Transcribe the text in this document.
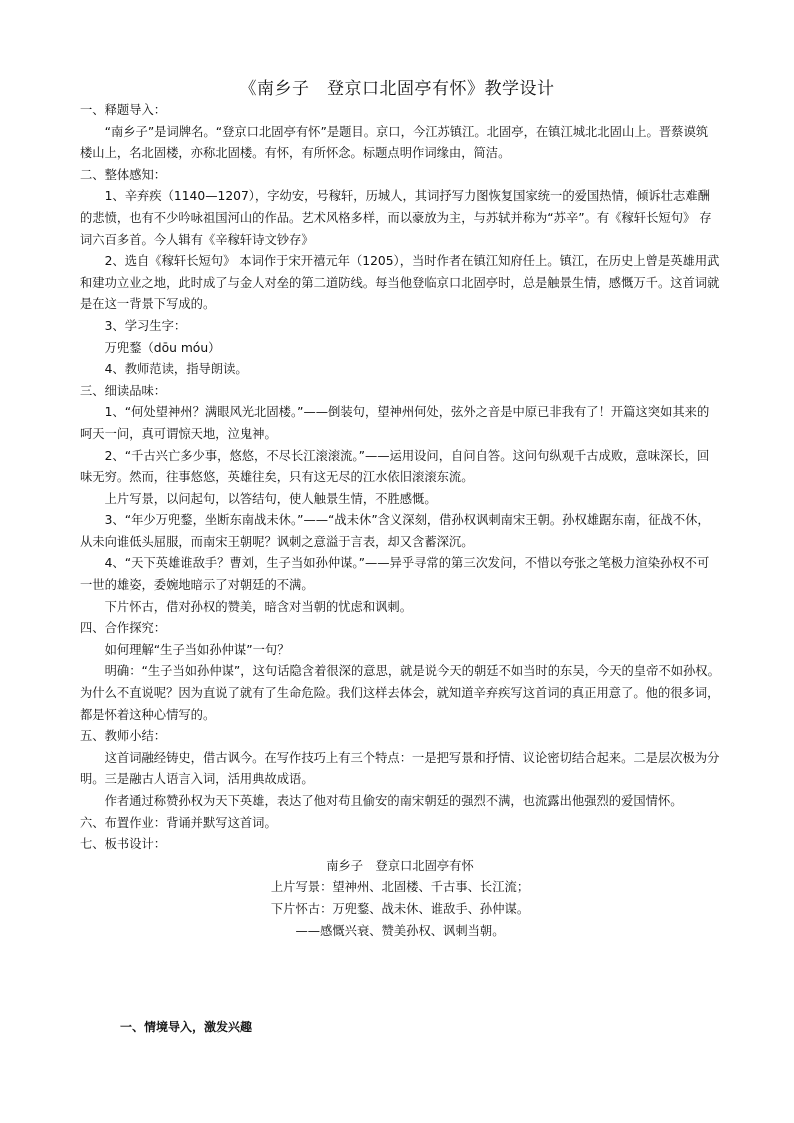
《南乡子　登京口北固亭有怀》教学设计

一、释题导入：

“南乡子”是词牌名。“登京口北固亭有怀”是题目。京口，今江苏镇江。北固亭，在镇江城北北固山上。晋蔡谟筑楼山上，名北固楼，亦称北固楼。有怀，有所怀念。标题点明作词缘由，简洁。

二、整体感知：

1、辛弃疾（1140—1207），字幼安，号稼轩，历城人，其词抒写力图恢复国家统一的爱国热情，倾诉壮志难酬的悲愤，也有不少吟咏祖国河山的作品。艺术风格多样，而以豪放为主，与苏轼并称为“苏辛”。有《稼轩长短句》 存词六百多首。今人辑有《辛稼轩诗文钞存》

2、选自《稼轩长短句》 本词作于宋开禧元年（1205），当时作者在镇江知府任上。镇江，在历史上曾是英雄用武和建功立业之地，此时成了与金人对垒的第二道防线。每当他登临京口北固亭时，总是触景生情，感慨万千。这首词就是在这一背景下写成的。

3、学习生字：

万兜鍪（dōu móu）

4、教师范读，指导朗读。

三、细读品味：

1、“何处望神州？满眼风光北固楼。”——倒装句，望神州何处，弦外之音是中原已非我有了！开篇这突如其来的呵天一问，真可谓惊天地，泣鬼神。

2、“千古兴亡多少事，悠悠，不尽长江滚滚流。”——运用设问，自问自答。这问句纵观千古成败，意味深长，回味无穷。然而，往事悠悠，英雄往矣，只有这无尽的江水依旧滚滚东流。

上片写景，以问起句，以答结句，使人触景生情，不胜感慨。

3、“年少万兜鍪，坐断东南战未休。”——“战未休”含义深刻，借孙权讽刺南宋王朝。孙权雄踞东南，征战不休，从未向谁低头屈服，而南宋王朝呢？讽刺之意溢于言表，却又含蓄深沉。

4、“天下英雄谁敌手？曹刘，生子当如孙仲谋。”——异乎寻常的第三次发问，不惜以夸张之笔极力渲染孙权不可一世的雄姿，委婉地暗示了对朝廷的不满。

下片怀古，借对孙权的赞美，暗含对当朝的忧虑和讽刺。

四、合作探究：

如何理解“生子当如孙仲谋”一句？

明确：“生子当如孙仲谋”，这句话隐含着很深的意思，就是说今天的朝廷不如当时的东吴，今天的皇帝不如孙权。为什么不直说呢？因为直说了就有了生命危险。我们这样去体会，就知道辛弃疾写这首词的真正用意了。他的很多词，都是怀着这种心情写的。

五、教师小结：

这首词融经铸史，借古讽今。在写作技巧上有三个特点：一是把写景和抒情、议论密切结合起来。二是层次极为分明。三是融古人语言入词，活用典故成语。

作者通过称赞孙权为天下英雄，表达了他对苟且偷安的南宋朝廷的强烈不满，也流露出他强烈的爱国情怀。

六、布置作业：背诵并默写这首词。

七、板书设计：

南乡子　登京口北固亭有怀

上片写景：望神州、北固楼、千古事、长江流；

下片怀古：万兜鍪、战未休、谁敌手、孙仲谋。

——感慨兴衰、赞美孙权、讽刺当朝。

一、情境导入，激发兴趣
